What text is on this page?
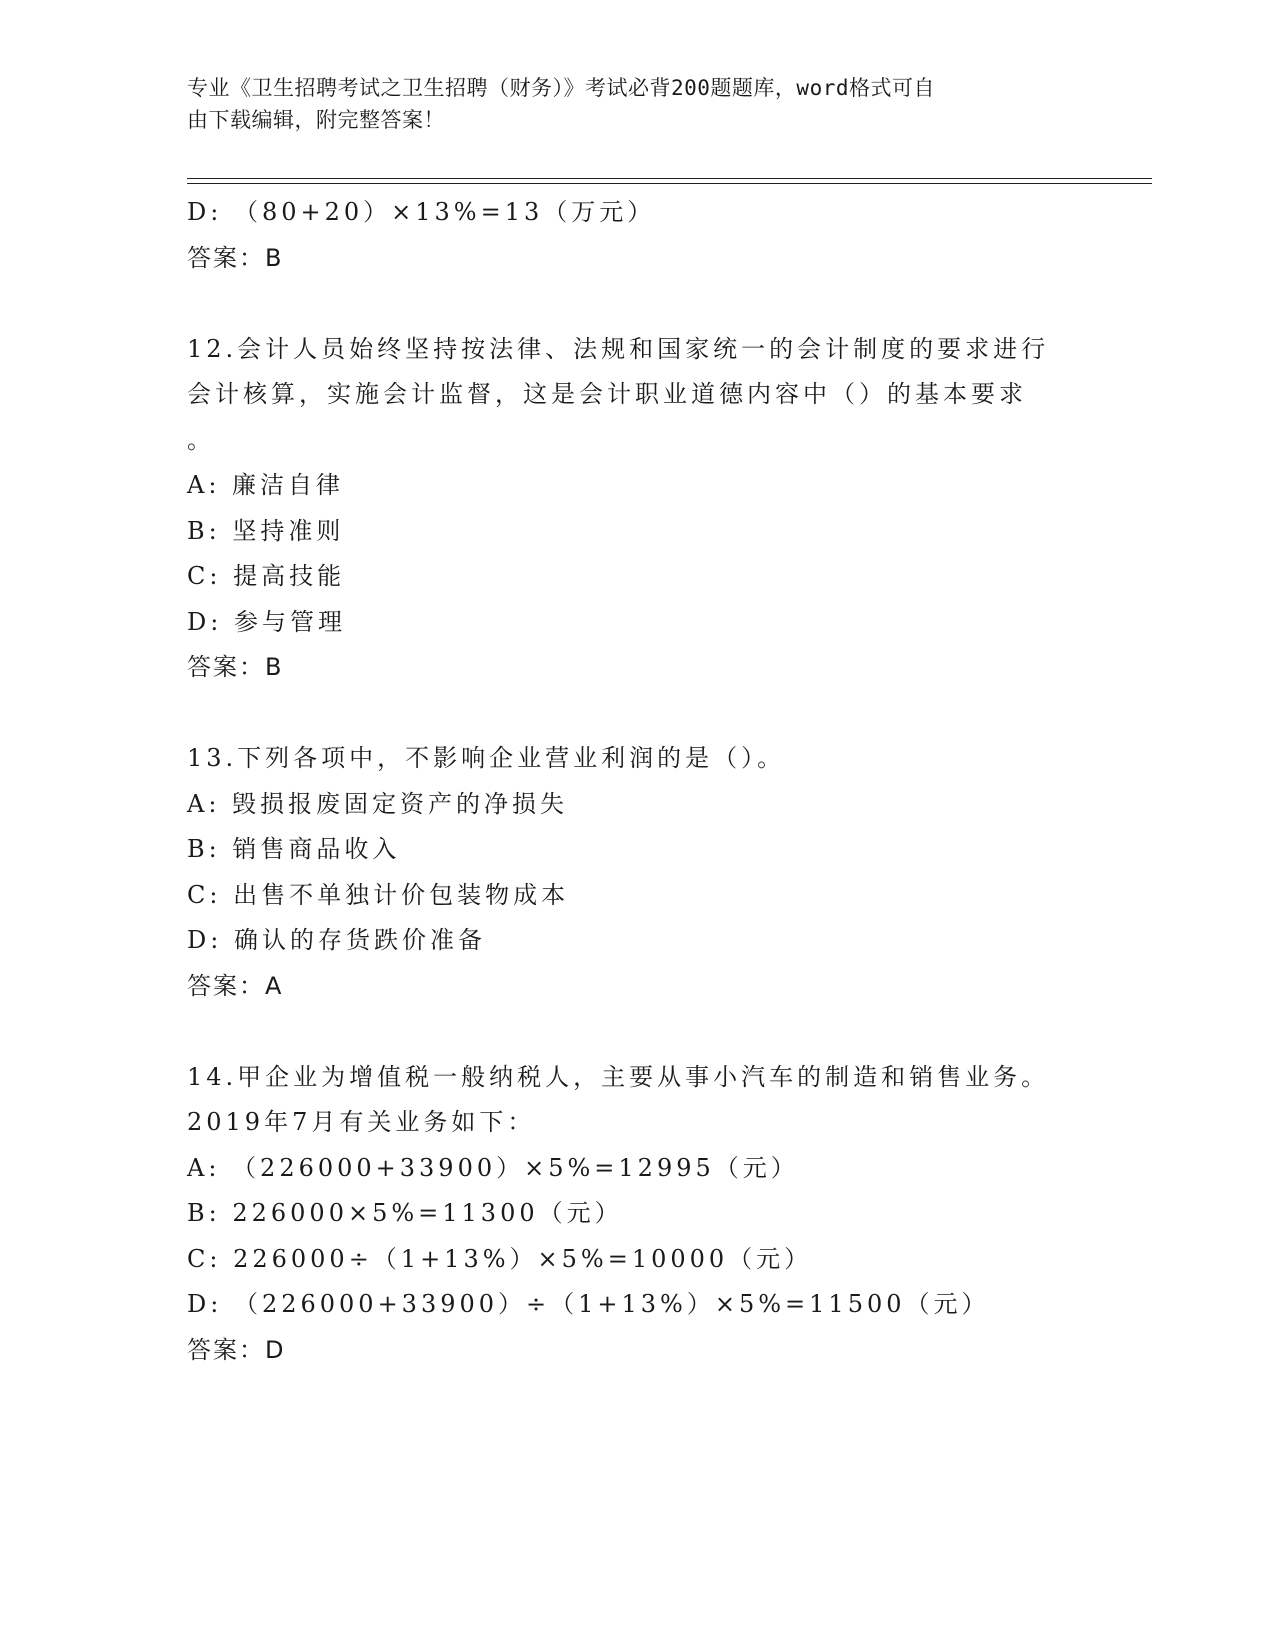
专业《卫生招聘考试之卫生招聘（财务）》考试必背200题题库，word格式可自
由下载编辑，附完整答案！
D: （80+20）×13%=13（万元）
答案：B
12.会计人员始终坚持按法律、法规和国家统一的会计制度的要求进行
会计核算，实施会计监督，这是会计职业道德内容中（）的基本要求
。
A: 廉洁自律
B: 坚持准则
C: 提高技能
D: 参与管理
答案：B
13.下列各项中，不影响企业营业利润的是（）。
A: 毁损报废固定资产的净损失
B: 销售商品收入
C: 出售不单独计价包装物成本
D: 确认的存货跌价准备
答案：A
14.甲企业为增值税一般纳税人，主要从事小汽车的制造和销售业务。
2019年7月有关业务如下：
A: （226000+33900）×5%=12995（元）
B: 226000×5%=11300（元）
C: 226000÷（1+13%）×5%=10000（元）
D: （226000+33900）÷（1+13%）×5%=11500（元）
答案：D
